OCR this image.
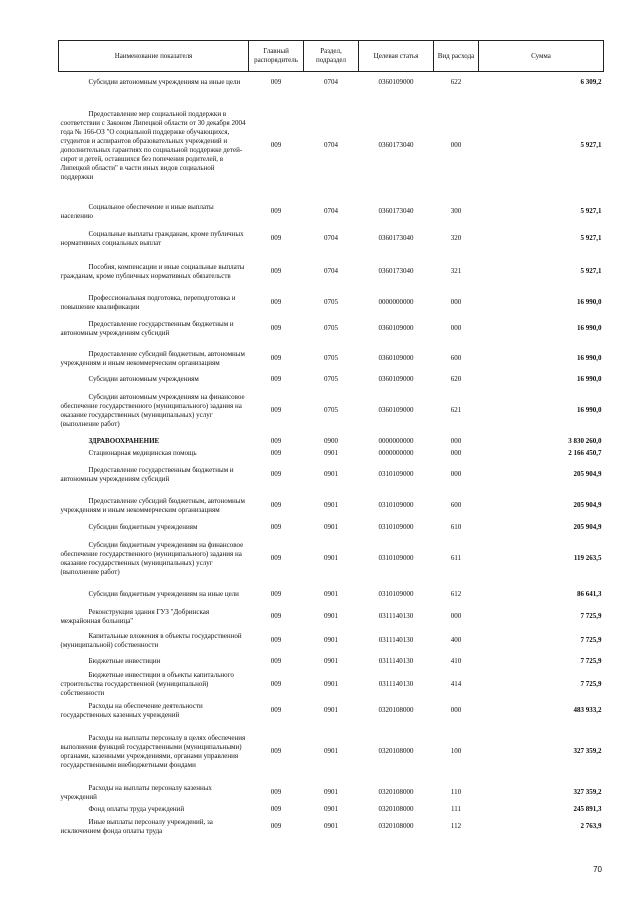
Наименование показателя	Главный распорядитель	Раздел, подраздел	Целевая статья	Вид расхода	Сумма
Субсидии автономным учреждениям на иные цели	009	0704	0360109000	622	6 309,2
Предоставление мер социальной поддержки в соответствии с Законом Липецкой области от 30 декабря 2004 года № 166-ОЗ "О социальной поддержке обучающихся, студентов и аспирантов образовательных учреждений и дополнительных гарантиях по социальной поддержке детей-сирот и детей, оставшихся без попечения родителей, в Липецкой области" в части иных видов социальной поддержки	009	0704	0360173040	000	5 927,1
Социальное обеспечение и иные выплаты населению	009	0704	0360173040	300	5 927,1
Социальные выплаты гражданам, кроме публичных нормативных социальных выплат	009	0704	0360173040	320	5 927,1
Пособия, компенсации и иные социальные выплаты гражданам, кроме публичных нормативных обязательств	009	0704	0360173040	321	5 927,1
Профессиональная подготовка, переподготовка и повышение квалификации	009	0705	0000000000	000	16 990,0
Предоставление государственным бюджетным и автономным учреждениям субсидий	009	0705	0360109000	000	16 990,0
Предоставление субсидий бюджетным, автономным учреждениям и иным некоммерческим организациям	009	0705	0360109000	600	16 990,0
Субсидии автономным учреждениям	009	0705	0360109000	620	16 990,0
Субсидии автономным учреждениям на финансовое обеспечение государственного (муниципального) задания на оказание государственных (муниципальных) услуг (выполнение работ)	009	0705	0360109000	621	16 990,0
ЗДРАВООХРАНЕНИЕ	009	0900	0000000000	000	3 830 260,0
Стационарная медицинская помощь	009	0901	0000000000	000	2 166 450,7
Предоставление государственным бюджетным и автономным учреждениям субсидий	009	0901	0310109000	000	205 904,9
Предоставление субсидий бюджетным, автономным учреждениям и иным некоммерческим организациям	009	0901	0310109000	600	205 904,9
Субсидии бюджетным учреждениям	009	0901	0310109000	610	205 904,9
Субсидии бюджетным учреждениям на финансовое обеспечение государственного (муниципального) задания на оказание государственных (муниципальных) услуг (выполнение работ)	009	0901	0310109000	611	119 263,5
Субсидии бюджетным учреждениям на иные цели	009	0901	0310109000	612	86 641,3
Реконструкция здания ГУЗ "Добринская межрайонная больница"	009	0901	0311140130	000	7 725,9
Капитальные вложения в объекты государственной (муниципальной) собственности	009	0901	0311140130	400	7 725,9
Бюджетные инвестиции	009	0901	0311140130	410	7 725,9
Бюджетные инвестиции в объекты капитального строительства государственной (муниципальной) собственности	009	0901	0311140130	414	7 725,9
Расходы на обеспечение деятельности государственных казенных учреждений	009	0901	0320108000	000	483 933,2
Расходы на выплаты персоналу в целях обеспечения выполнения функций государственными (муниципальными) органами, казенными учреждениями, органами управления государственными внебюджетными фондами	009	0901	0320108000	100	327 359,2
Расходы на выплаты персоналу казенных учреждений	009	0901	0320108000	110	327 359,2
Фонд оплаты труда учреждений	009	0901	0320108000	111	245 891,3
Иные выплаты персоналу учреждений, за исключением фонда оплаты труда	009	0901	0320108000	112	2 763,9
70
